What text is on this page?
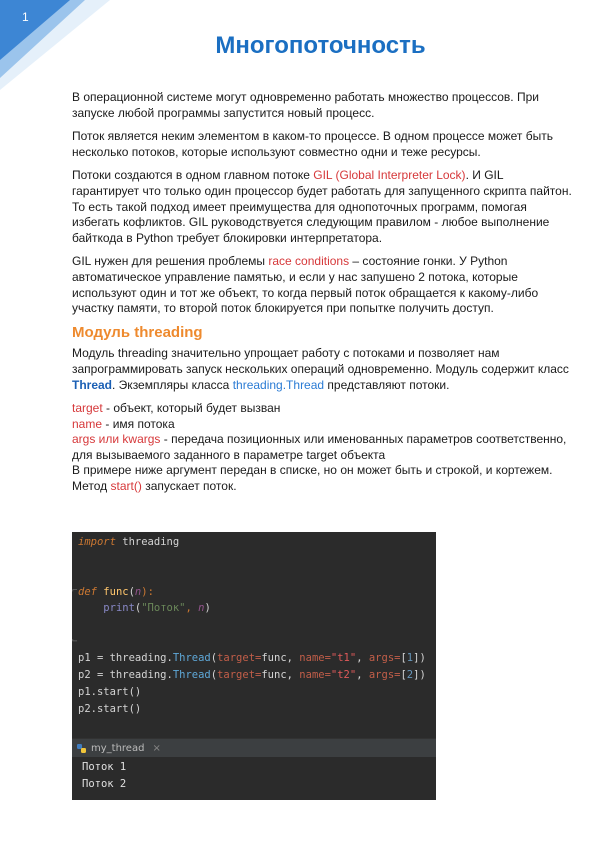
1
Многопоточность

В операционной системе могут одновременно работать множество процессов. При запуске любой программы запустится новый процесс.

Поток является неким элементом в каком-то процессе. В одном процессе может быть несколько потоков, которые используют совместно одни и теже ресурсы.

Потоки создаются в одном главном потоке GIL (Global Interpreter Lock). И GIL гарантирует что только один процессор будет работать для запущенного скрипта пайтон. То есть такой подход имеет преимущества для однопоточных программ, помогая избегать кофликтов. GIL руководствуется следующим правилом - любое выполнение байткода в Python требует блокировки интерпретатора.

GIL нужен для решения проблемы race conditions – состояние гонки. У Python автоматическое управление памятью, и если у нас запушено 2 потока, которые используют один и тот же объект, то когда первый поток обращается к какому-либо участку памяти, то второй поток блокируется при попытке получить доступ.

Модуль threading

Модуль threading значительно упрощает работу с потоками и позволяет нам запрограммировать запуск нескольких операций одновременно. Модуль содержит класс Thread. Экземпляры класса threading.Thread представляют потоки.

target - объект, который будет вызван

name - имя потока

args или kwargs - передача позиционных или именованных параметров соответственно, для вызываемого заданного в параметре target объекта

В примере ниже аргумент передан в списке, но он может быть и строкой, и кортежем.

Метод start() запускает поток.

import threading
⌐ def func(n):
print("Поток", n)
⌙
p1 = threading.Thread(target=func, name="t1", args=[1])
p2 = threading.Thread(target=func, name="t2", args=[2])
p1.start()
p2.start()
my_thread ×
Поток 1
Поток 2
